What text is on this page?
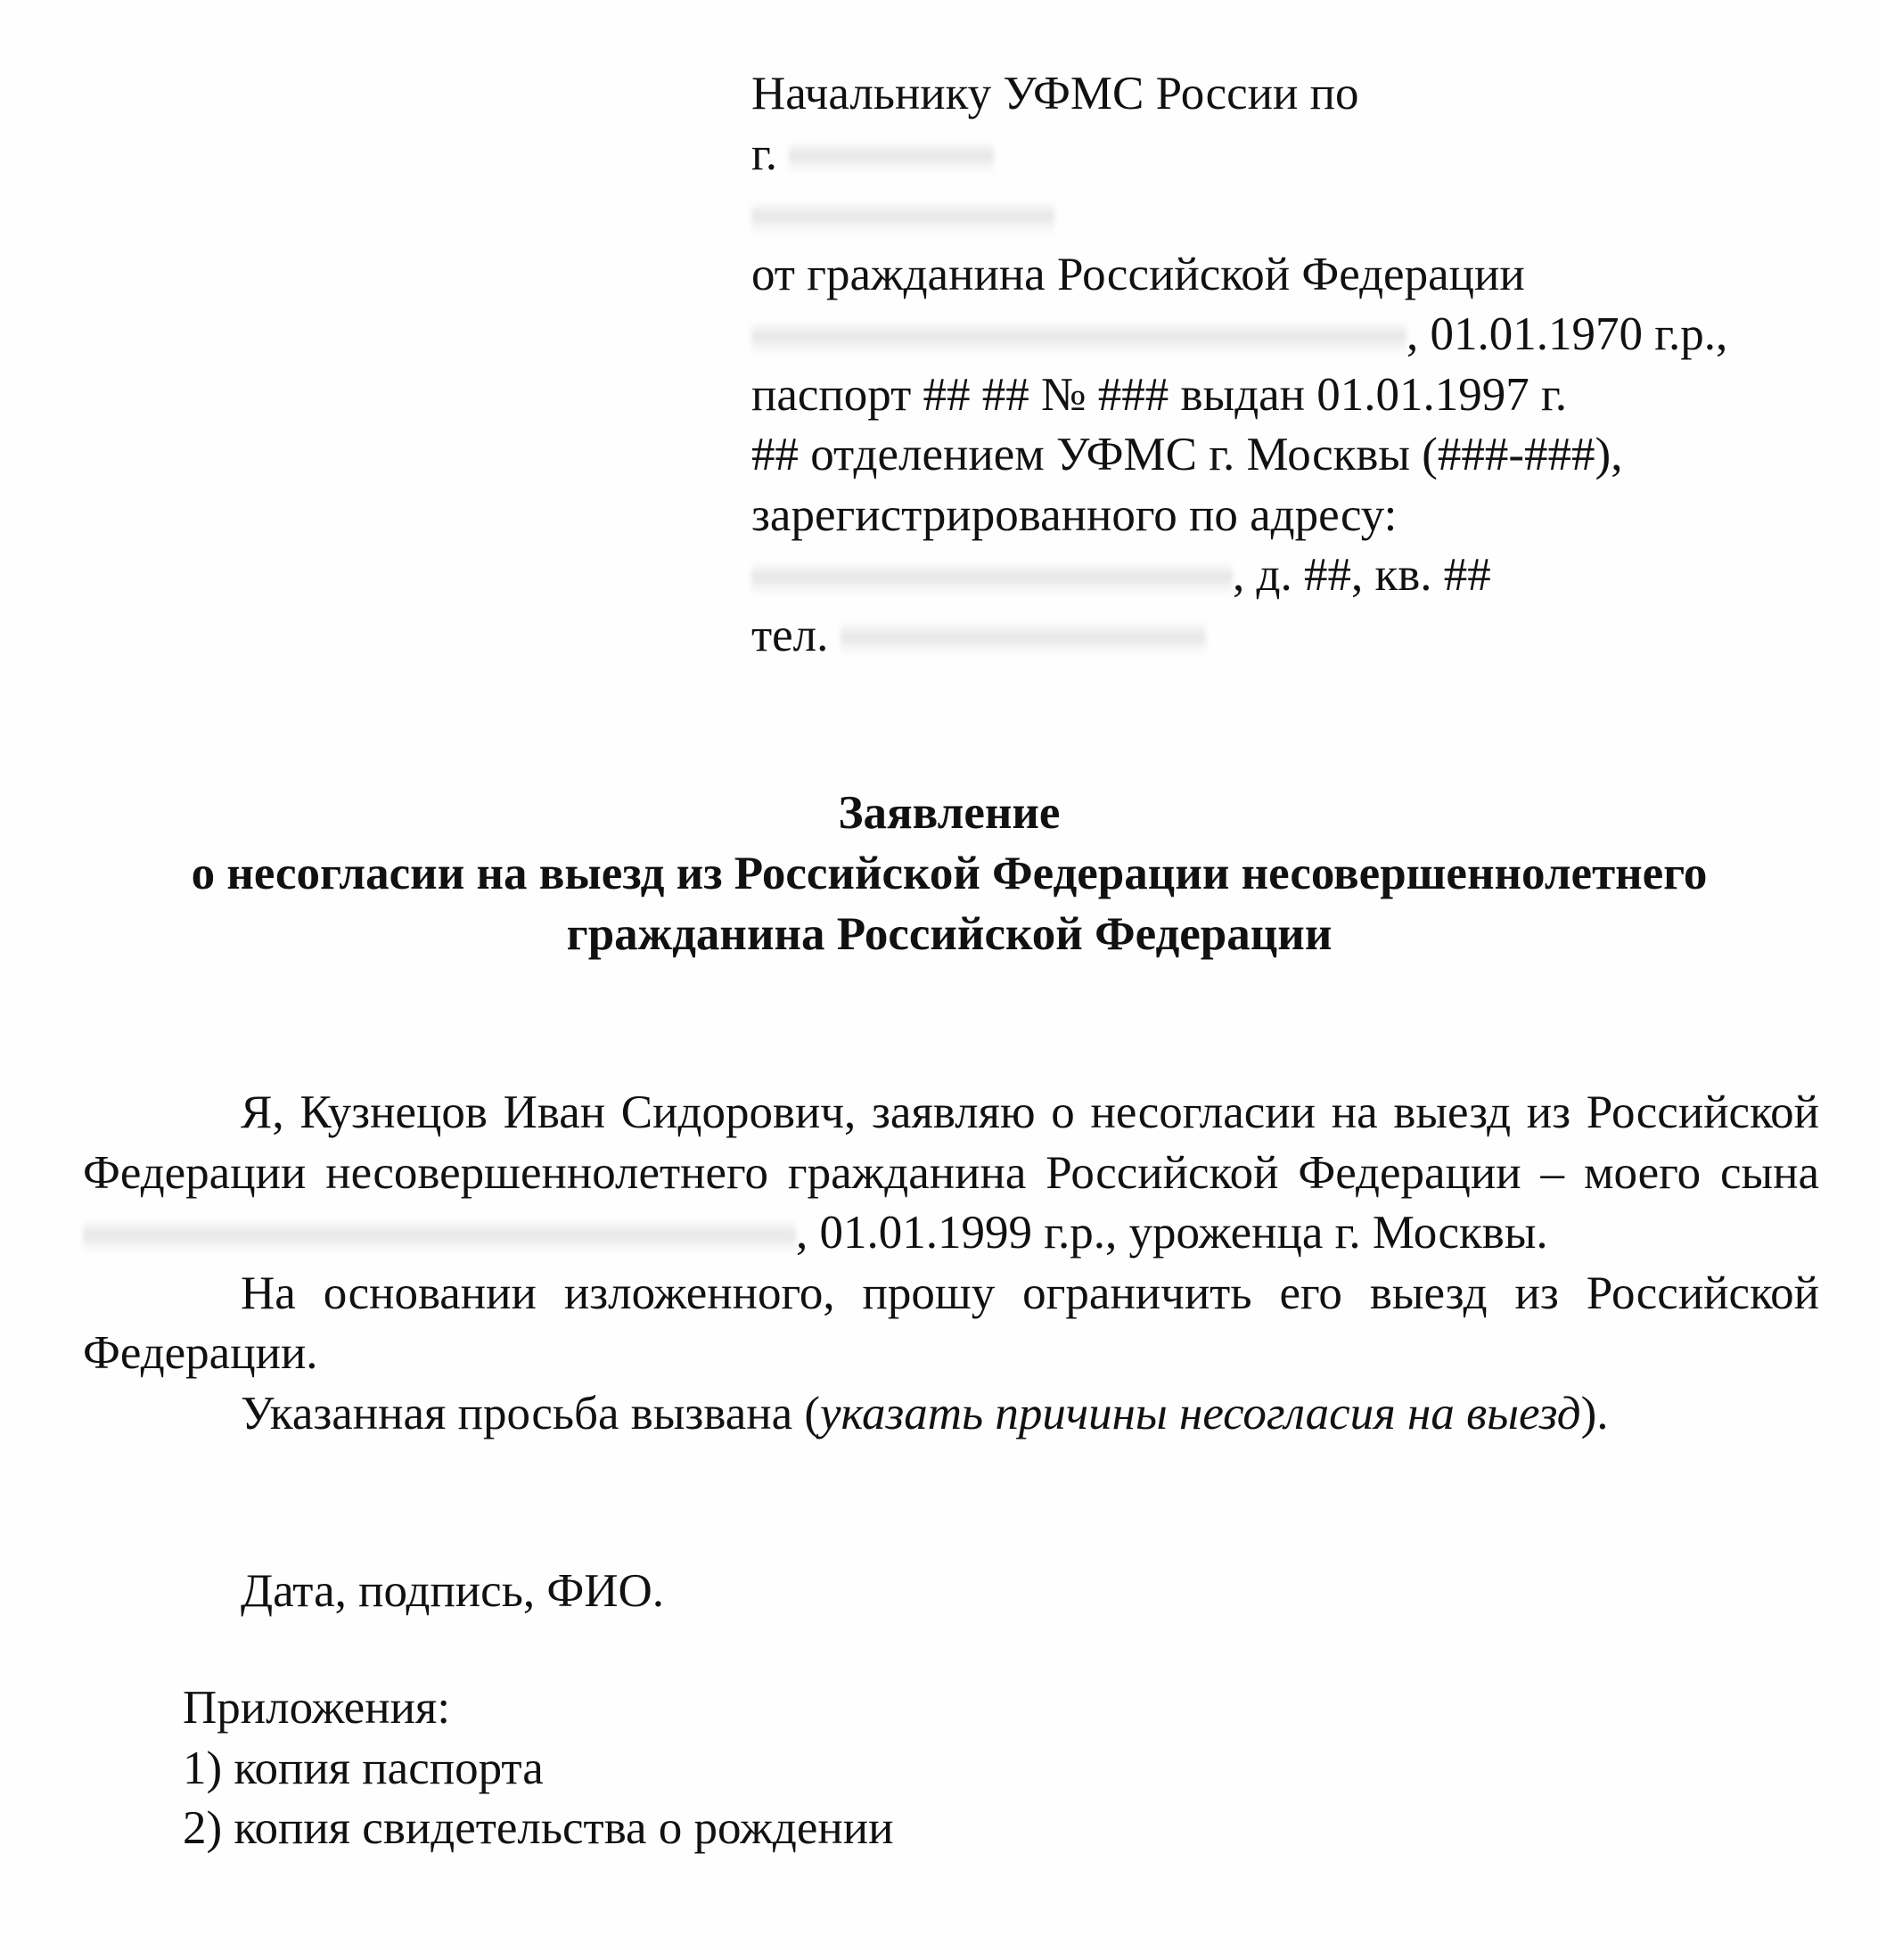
Начальнику УФМС России по
г.
от гражданина Российской Федерации
, 01.01.1970 г.р.,
паспорт ## ## № ### выдан 01.01.1997 г.
## отделением УФМС г. Москвы (###-###),
зарегистрированного по адресу:
, д. ##, кв. ##
тел.
Заявление
о несогласии на выезд из Российской Федерации несовершеннолетнего
гражданина Российской Федерации

Я, Кузнецов Иван Сидорович, заявляю о несогласии на выезд из Российской Федерации несовершеннолетнего гражданина Российской Федерации – моего сына , 01.01.1999 г.р., уроженца г. Москвы.

На основании изложенного, прошу ограничить его выезд из Российской Федерации.

Указанная просьба вызвана (указать причины несогласия на выезд).

Дата, подпись, ФИО.
Приложения:
1) копия паспорта
2) копия свидетельства о рождении
